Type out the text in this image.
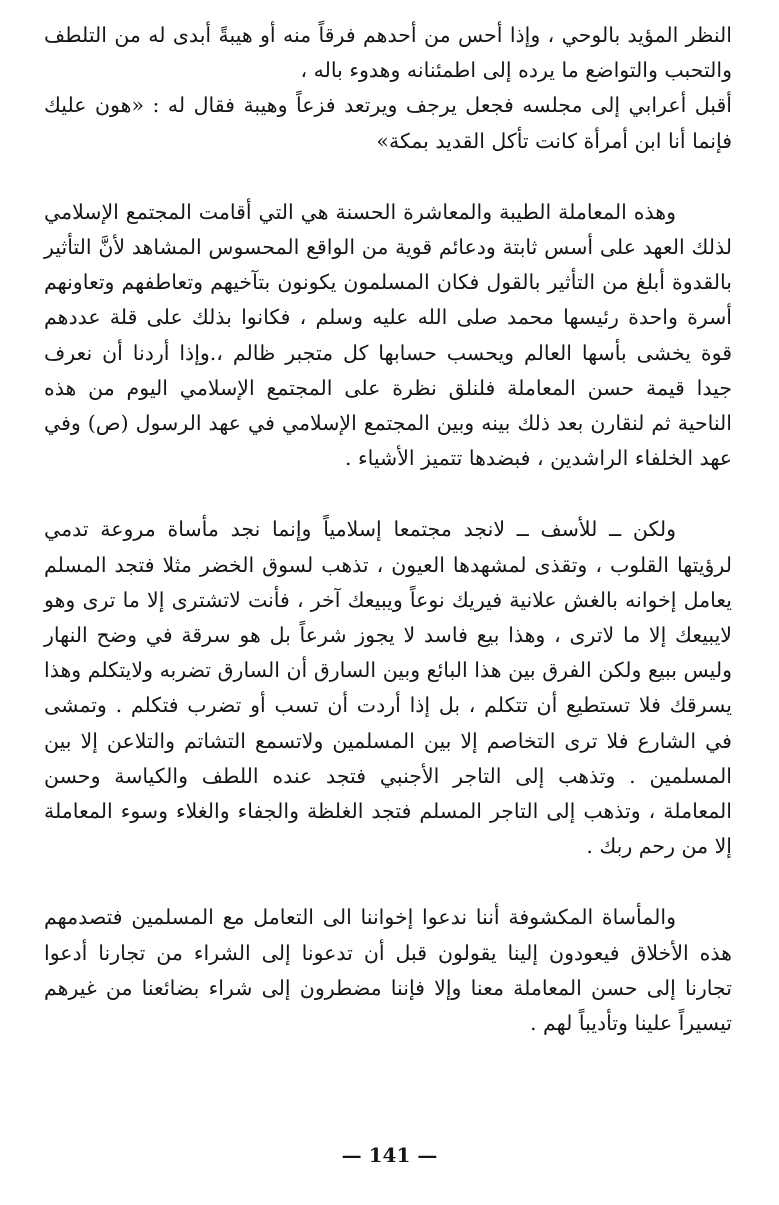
النظر المؤيد بالوحي ، وإذا أحس من أحدهم فرقاً منه أو هيبةً أبدى له من التلطف والتحبب والتواضع ما يرده إلى اطمئنانه وهدوء باله ،

أقبل أعرابي إلى مجلسه فجعل يرجف ويرتعد فزعاً وهيبة فقال له : «هون عليك فإنما أنا ابن أمرأة كانت تأكل القديد بمكة»

وهذه المعاملة الطيبة والمعاشرة الحسنة هي التي أقامت المجتمع الإسلامي لذلك العهد على أسس ثابتة ودعائم قوية من الواقع المحسوس المشاهد لأنَّ التأثير بالقدوة أبلغ من التأثير بالقول فكان المسلمون يكونون بتآخيهم وتعاطفهم وتعاونهم أسرة واحدة رئيسها محمد صلى الله عليه وسلم ، فكانوا بذلك على قلة عددهم قوة يخشى بأسها العالم ويحسب حسابها كل متجبر ظالم ،.وإذا أردنا أن نعرف جيدا قيمة حسن المعاملة فلنلق نظرة على المجتمع الإسلامي اليوم من هذه الناحية ثم لنقارن بعد ذلك بينه وبين المجتمع الإسلامي في عهد الرسول (ص) وفي عهد الخلفاء الراشدين ، فبضدها تتميز الأشياء .

ولكن ــ للأسف ــ لانجد مجتمعا إسلامياً وإنما نجد مأساة مروعة تدمي لرؤيتها القلوب ، وتقذى لمشهدها العيون ، تذهب لسوق الخضر مثلا فتجد المسلم يعامل إخوانه بالغش علانية فيريك نوعاً ويبيعك آخر ، فأنت لاتشترى إلا ما ترى وهو لايبيعك إلا ما لاترى ، وهذا بيع فاسد لا يجوز شرعاً بل هو سرقة في وضح النهار وليس ببيع ولكن الفرق بين هذا البائع وبين السارق أن السارق تضربه ولايتكلم وهذا يسرقك فلا تستطيع أن تتكلم ، بل إذا أردت أن تسب أو تضرب فتكلم . وتمشى في الشارع فلا ترى التخاصم إلا بين المسلمين ولاتسمع التشاتم والتلاعن إلا بين المسلمين . وتذهب إلى التاجر الأجنبي فتجد عنده اللطف والكياسة وحسن المعاملة ، وتذهب إلى التاجر المسلم فتجد الغلظة والجفاء والغلاء وسوء المعاملة إلا من رحم ربك .

والمأساة المكشوفة أننا ندعوا إخواننا الى التعامل مع المسلمين فتصدمهم هذه الأخلاق فيعودون إلينا يقولون قبل أن تدعونا إلى الشراء من تجارنا أدعوا تجارنا إلى حسن المعاملة معنا وإلا فإننا مضطرون إلى شراء بضائعنا من غيرهم تيسيراً علينا وتأديباً لهم .

— 141 —
